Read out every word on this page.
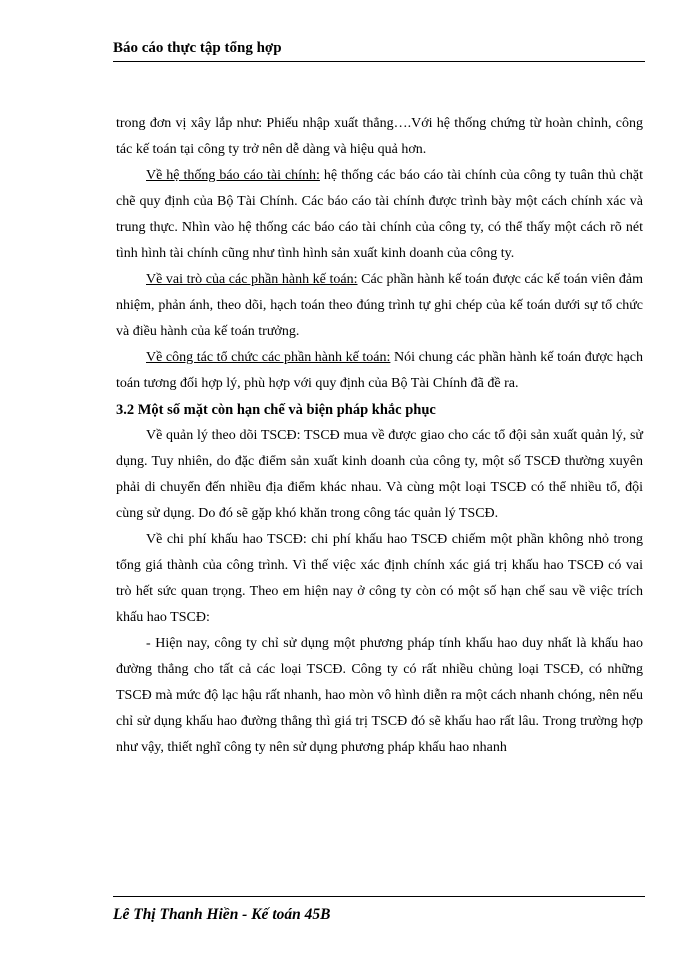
Báo cáo thực tập tổng hợp

trong đơn vị xây lắp như: Phiếu nhập xuất thẳng….Với hệ thống chứng từ hoàn chỉnh, công tác kế toán tại công ty trở nên dễ dàng và hiệu quả hơn.

Về hệ thống báo cáo tài chính: hệ thống các báo cáo tài chính của công ty tuân thủ chặt chẽ quy định của Bộ Tài Chính. Các báo cáo tài chính được trình bày một cách chính xác và trung thực. Nhìn vào hệ thống các báo cáo tài chính của công ty, có thể thấy một cách rõ nét tình hình tài chính cũng như tình hình sản xuất kinh doanh của công ty.

Về vai trò của các phần hành kế toán: Các phần hành kế toán được các kế toán viên đảm nhiệm, phản ánh, theo dõi, hạch toán theo đúng trình tự ghi chép của kế toán dưới sự tổ chức và điều hành của kế toán trưởng.

Về công tác tổ chức các phần hành kế toán: Nói chung các phần hành kế toán được hạch toán tương đối hợp lý, phù hợp với quy định của Bộ Tài Chính đã đề ra.

3.2 Một số mặt còn hạn chế và biện pháp khắc phục

Về quản lý theo dõi TSCĐ: TSCĐ mua về được giao cho các tổ đội sản xuất quản lý, sử dụng. Tuy nhiên, do đặc điểm sản xuất kinh doanh của công ty, một số TSCĐ thường xuyên phải di chuyển đến nhiều địa điểm khác nhau. Và cùng một loại TSCĐ có thể nhiều tổ, đội cùng sử dụng. Do đó sẽ gặp khó khăn trong công tác quản lý TSCĐ.

Về chi phí khấu hao TSCĐ: chi phí khấu hao TSCĐ chiếm một phần không nhỏ trong tổng giá thành của công trình. Vì thế việc xác định chính xác giá trị khấu hao TSCĐ có vai trò hết sức quan trọng. Theo em hiện nay ở công ty còn có một số hạn chế sau về việc trích khấu hao TSCĐ:

- Hiện nay, công ty chỉ sử dụng một phương pháp tính khấu hao duy nhất là khấu hao đường thẳng cho tất cả các loại TSCĐ. Công ty có rất nhiều chủng loại TSCĐ, có những TSCĐ mà mức độ lạc hậu rất nhanh, hao mòn vô hình diễn ra một cách nhanh chóng, nên nếu chỉ sử dụng khấu hao đường thẳng thì giá trị TSCĐ đó sẽ khấu hao rất lâu. Trong trường hợp như vậy, thiết nghĩ công ty nên sử dụng phương pháp khấu hao nhanh

Lê Thị Thanh Hiền - Kế toán 45B
